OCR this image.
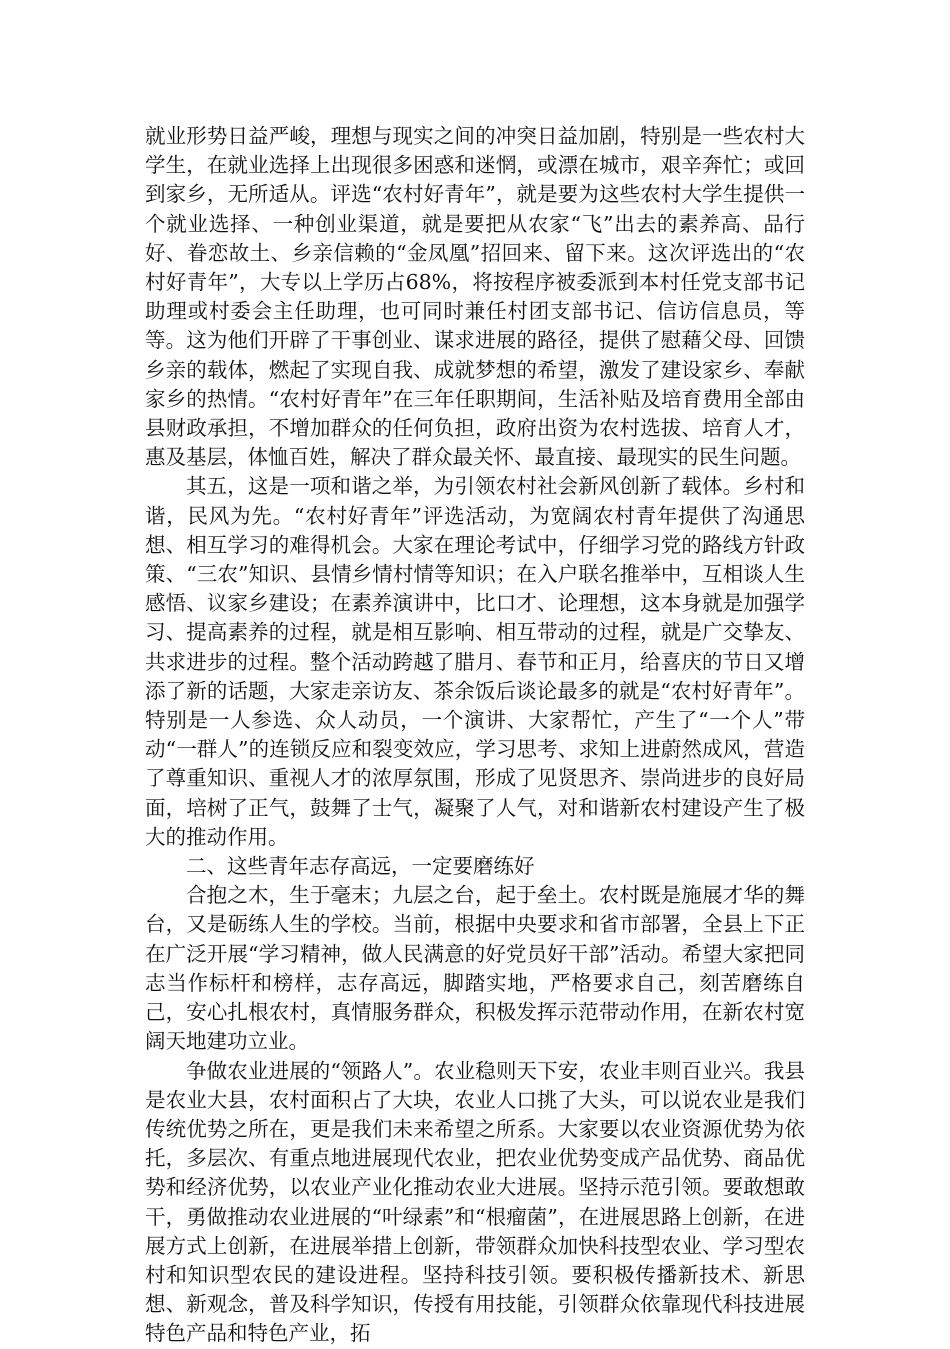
就业形势日益严峻，理想与现实之间的冲突日益加剧，特别是一些农村大学生，在就业选择上出现很多困惑和迷惘，或漂在城市，艰辛奔忙；或回到家乡，无所适从。评选“农村好青年”，就是要为这些农村大学生提供一个就业选择、一种创业渠道，就是要把从农家“飞”出去的素养高、品行好、眷恋故土、乡亲信赖的“金凤凰”招回来、留下来。这次评选出的“农村好青年”，大专以上学历占68%，将按程序被委派到本村任党支部书记助理或村委会主任助理，也可同时兼任村团支部书记、信访信息员，等等。这为他们开辟了干事创业、谋求进展的路径，提供了慰藉父母、回馈乡亲的载体，燃起了实现自我、成就梦想的希望，激发了建设家乡、奉献家乡的热情。“农村好青年”在三年任职期间，生活补贴及培育费用全部由县财政承担，不增加群众的任何负担，政府出资为农村选拔、培育人才，惠及基层，体恤百姓，解决了群众最关怀、最直接、最现实的民生问题。

其五，这是一项和谐之举，为引领农村社会新风创新了载体。乡村和谐，民风为先。“农村好青年”评选活动，为宽阔农村青年提供了沟通思想、相互学习的难得机会。大家在理论考试中，仔细学习党的路线方针政策、“三农”知识、县情乡情村情等知识；在入户联名推举中，互相谈人生感悟、议家乡建设；在素养演讲中，比口才、论理想，这本身就是加强学习、提高素养的过程，就是相互影响、相互带动的过程，就是广交挚友、共求进步的过程。整个活动跨越了腊月、春节和正月，给喜庆的节日又增添了新的话题，大家走亲访友、茶余饭后谈论最多的就是“农村好青年”。特别是一人参选、众人动员，一个演讲、大家帮忙，产生了“一个人”带动“一群人”的连锁反应和裂变效应，学习思考、求知上进蔚然成风，营造了尊重知识、重视人才的浓厚氛围，形成了见贤思齐、崇尚进步的良好局面，培树了正气，鼓舞了士气，凝聚了人气，对和谐新农村建设产生了极大的推动作用。

二、这些青年志存高远，一定要磨练好

合抱之木，生于毫末；九层之台，起于垒土。农村既是施展才华的舞台，又是砺练人生的学校。当前，根据中央要求和省市部署，全县上下正在广泛开展“学习精神，做人民满意的好党员好干部”活动。希望大家把同志当作标杆和榜样，志存高远，脚踏实地，严格要求自己，刻苦磨练自己，安心扎根农村，真情服务群众，积极发挥示范带动作用，在新农村宽阔天地建功立业。

争做农业进展的“领路人”。农业稳则天下安，农业丰则百业兴。我县是农业大县，农村面积占了大块，农业人口挑了大头，可以说农业是我们传统优势之所在，更是我们未来希望之所系。大家要以农业资源优势为依托，多层次、有重点地进展现代农业，把农业优势变成产品优势、商品优势和经济优势，以农业产业化推动农业大进展。坚持示范引领。要敢想敢干，勇做推动农业进展的“叶绿素”和“根瘤菌”，在进展思路上创新，在进展方式上创新，在进展举措上创新，带领群众加快科技型农业、学习型农村和知识型农民的建设进程。坚持科技引领。要积极传播新技术、新思想、新观念，普及科学知识，传授有用技能，引领群众依靠现代科技进展特色产品和特色产业，拓
